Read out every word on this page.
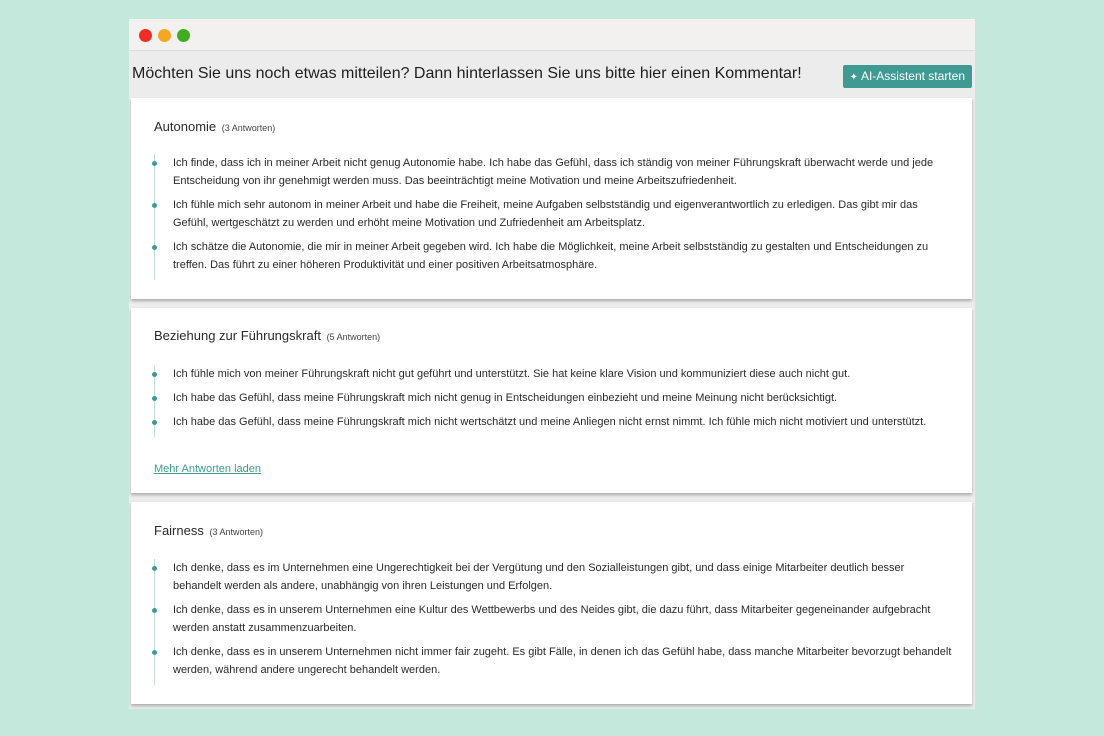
Möchten Sie uns noch etwas mitteilen? Dann hinterlassen Sie uns bitte hier einen Kommentar!	✦ AI-Assistent starten
Autonomie (3 Antworten)
Ich finde, dass ich in meiner Arbeit nicht genug Autonomie habe. Ich habe das Gefühl, dass ich ständig von meiner Führungskraft überwacht werde und jede Entscheidung von ihr genehmigt werden muss. Das beeinträchtigt meine Motivation und meine Arbeitszufriedenheit.
Ich fühle mich sehr autonom in meiner Arbeit und habe die Freiheit, meine Aufgaben selbstständig und eigenverantwortlich zu erledigen. Das gibt mir das Gefühl, wertgeschätzt zu werden und erhöht meine Motivation und Zufriedenheit am Arbeitsplatz.
Ich schätze die Autonomie, die mir in meiner Arbeit gegeben wird. Ich habe die Möglichkeit, meine Arbeit selbstständig zu gestalten und Entscheidungen zu treffen. Das führt zu einer höheren Produktivität und einer positiven Arbeitsatmosphäre.
Beziehung zur Führungskraft (5 Antworten)
Ich fühle mich von meiner Führungskraft nicht gut geführt und unterstützt. Sie hat keine klare Vision und kommuniziert diese auch nicht gut.
Ich habe das Gefühl, dass meine Führungskraft mich nicht genug in Entscheidungen einbezieht und meine Meinung nicht berücksichtigt.
Ich habe das Gefühl, dass meine Führungskraft mich nicht wertschätzt und meine Anliegen nicht ernst nimmt. Ich fühle mich nicht motiviert und unterstützt.
Mehr Antworten laden
Fairness (3 Antworten)
Ich denke, dass es im Unternehmen eine Ungerechtigkeit bei der Vergütung und den Sozialleistungen gibt, und dass einige Mitarbeiter deutlich besser behandelt werden als andere, unabhängig von ihren Leistungen und Erfolgen.
Ich denke, dass es in unserem Unternehmen eine Kultur des Wettbewerbs und des Neides gibt, die dazu führt, dass Mitarbeiter gegeneinander aufgebracht werden anstatt zusammenzuarbeiten.
Ich denke, dass es in unserem Unternehmen nicht immer fair zugeht. Es gibt Fälle, in denen ich das Gefühl habe, dass manche Mitarbeiter bevorzugt behandelt werden, während andere ungerecht behandelt werden.
